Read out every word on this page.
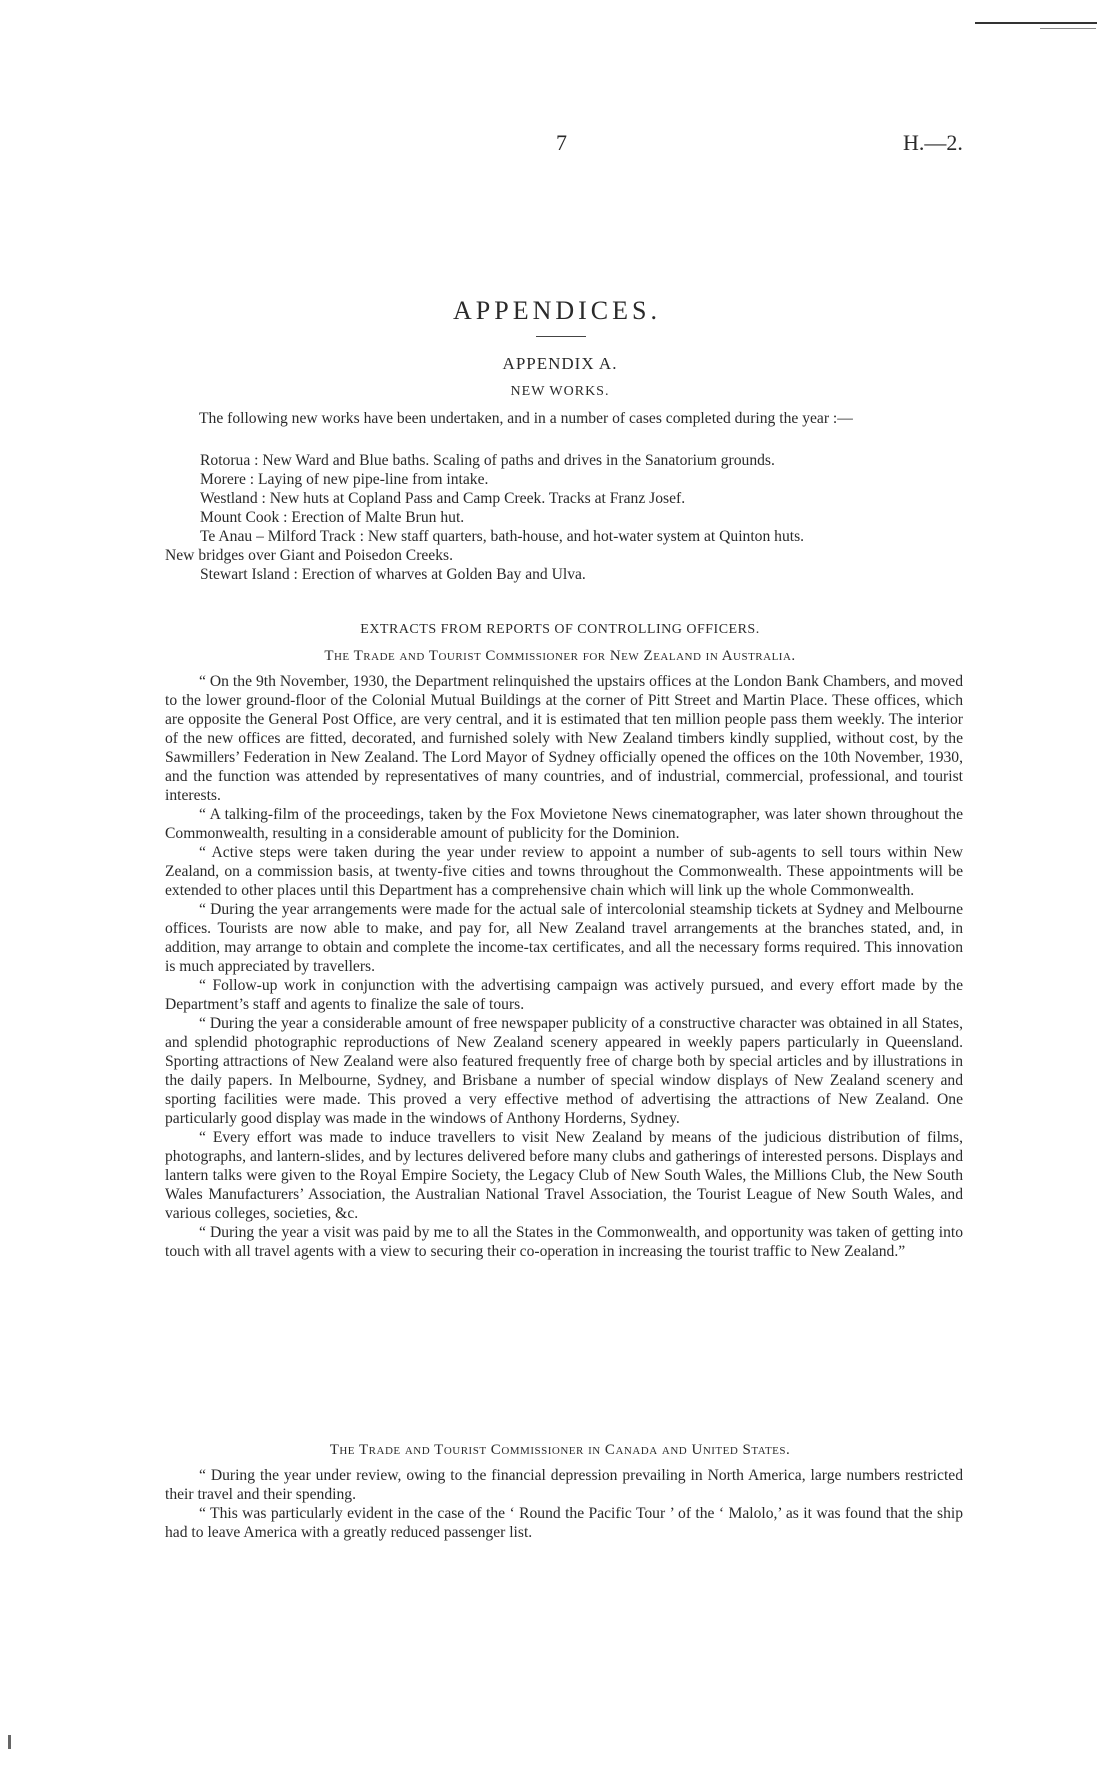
7	H.—2.
APPENDICES.
APPENDIX A.
NEW WORKS.

The following new works have been undertaken, and in a number of cases completed during the year :—

Rotorua : New Ward and Blue baths. Scaling of paths and drives in the Sanatorium grounds.
Morere : Laying of new pipe-line from intake.
Westland : New huts at Copland Pass and Camp Creek. Tracks at Franz Josef.
Mount Cook : Erection of Malte Brun hut.
Te Anau – Milford Track : New staff quarters, bath-house, and hot-water system at Quinton huts.
New bridges over Giant and Poisedon Creeks.
Stewart Island : Erection of wharves at Golden Bay and Ulva.
EXTRACTS FROM REPORTS OF CONTROLLING OFFICERS.
The Trade and Tourist Commissioner for New Zealand in Australia.

“ On the 9th November, 1930, the Department relinquished the upstairs offices at the London Bank Chambers, and moved to the lower ground-floor of the Colonial Mutual Buildings at the corner of Pitt Street and Martin Place. These offices, which are opposite the General Post Office, are very central, and it is estimated that ten million people pass them weekly. The interior of the new offices are fitted, decorated, and furnished solely with New Zealand timbers kindly supplied, without cost, by the Sawmillers’ Federation in New Zealand. The Lord Mayor of Sydney officially opened the offices on the 10th November, 1930, and the function was attended by representatives of many countries, and of industrial, commercial, professional, and tourist interests.

“ A talking-film of the proceedings, taken by the Fox Movietone News cinematographer, was later shown throughout the Commonwealth, resulting in a considerable amount of publicity for the Dominion.

“ Active steps were taken during the year under review to appoint a number of sub-agents to sell tours within New Zealand, on a commission basis, at twenty-five cities and towns throughout the Commonwealth. These appointments will be extended to other places until this Department has a comprehensive chain which will link up the whole Commonwealth.

“ During the year arrangements were made for the actual sale of intercolonial steamship tickets at Sydney and Melbourne offices. Tourists are now able to make, and pay for, all New Zealand travel arrangements at the branches stated, and, in addition, may arrange to obtain and complete the income-tax certificates, and all the necessary forms required. This innovation is much appreciated by travellers.

“ Follow-up work in conjunction with the advertising campaign was actively pursued, and every effort made by the Department’s staff and agents to finalize the sale of tours.

“ During the year a considerable amount of free newspaper publicity of a constructive character was obtained in all States, and splendid photographic reproductions of New Zealand scenery appeared in weekly papers particularly in Queensland. Sporting attractions of New Zealand were also featured frequently free of charge both by special articles and by illustrations in the daily papers. In Melbourne, Sydney, and Brisbane a number of special window displays of New Zealand scenery and sporting facilities were made. This proved a very effective method of advertising the attractions of New Zealand. One particularly good display was made in the windows of Anthony Horderns, Sydney.

“ Every effort was made to induce travellers to visit New Zealand by means of the judicious distribution of films, photographs, and lantern-slides, and by lectures delivered before many clubs and gatherings of interested persons. Displays and lantern talks were given to the Royal Empire Society, the Legacy Club of New South Wales, the Millions Club, the New South Wales Manufacturers’ Association, the Australian National Travel Association, the Tourist League of New South Wales, and various colleges, societies, &c.

“ During the year a visit was paid by me to all the States in the Commonwealth, and opportunity was taken of getting into touch with all travel agents with a view to securing their co-operation in increasing the tourist traffic to New Zealand.”

The Trade and Tourist Commissioner in Canada and United States.

“ During the year under review, owing to the financial depression prevailing in North America, large numbers restricted their travel and their spending.

“ This was particularly evident in the case of the ‘ Round the Pacific Tour ’ of the ‘ Malolo,’ as it was found that the ship had to leave America with a greatly reduced passenger list.
